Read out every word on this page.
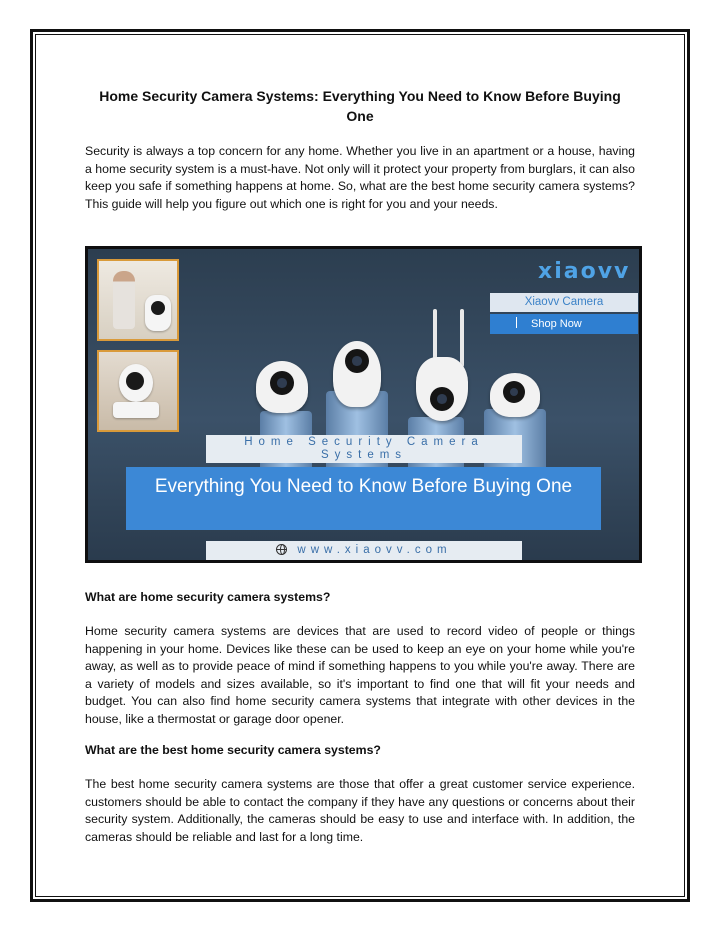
Home Security Camera Systems: Everything You Need to Know Before Buying One

Security is always a top concern for any home. Whether you live in an apartment or a house, having a home security system is a must-have. Not only will it protect your property from burglars, it can also keep you safe if something happens at home. So, what are the best home security camera systems? This guide will help you figure out which one is right for you and your needs.

xiaovv
Xiaovv Camera
Shop Now
Home Security Camera Systems
Everything You Need to Know Before Buying One
www.xiaovv.com
What are home security camera systems?

Home security camera systems are devices that are used to record video of people or things happening in your home. Devices like these can be used to keep an eye on your home while you're away, as well as to provide peace of mind if something happens to you while you're away. There are a variety of models and sizes available, so it's important to find one that will fit your needs and budget. You can also find home security camera systems that integrate with other devices in the house, like a thermostat or garage door opener.

What are the best home security camera systems?

The best home security camera systems are those that offer a great customer service experience. customers should be able to contact the company if they have any questions or concerns about their security system. Additionally, the cameras should be easy to use and interface with. In addition, the cameras should be reliable and last for a long time.
